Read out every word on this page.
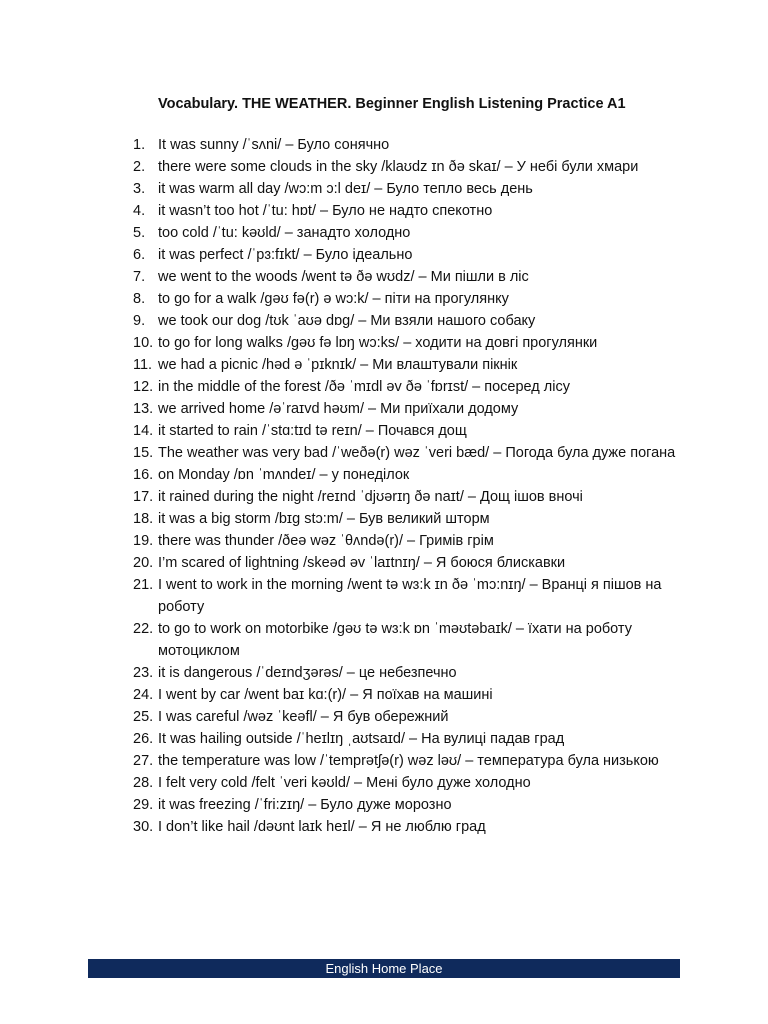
Vocabulary. THE WEATHER. Beginner English Listening Practice A1
1. It was sunny /ˈsʌni/ – Було сонячно
2. there were some clouds in the sky /klaʊdz ɪn ðə skaɪ/ – У небі були хмари
3. it was warm all day /wɔ:m ɔ:l deɪ/ – Було тепло весь день
4. it wasn’t too hot /ˈtu: hɒt/ – Було не надто спекотно
5. too cold /ˈtu: kəʊld/ – занадто холодно
6. it was perfect /ˈpɜ:fɪkt/ – Було ідеально
7. we went to the woods /went tə ðə wʊdz/ – Ми пішли в ліс
8. to go for a walk /gəʊ fə(r) ə wɔ:k/ – піти на прогулянку
9. we took our dog /tʊk ˈaʊə dɒg/ – Ми взяли нашого собаку
10. to go for long walks /gəʊ fə lɒŋ wɔ:ks/ – ходити на довгі прогулянки
11. we had a picnic /həd ə ˈpɪknɪk/ – Ми влаштували пікнік
12. in the middle of the forest /ðə ˈmɪdl əv ðə ˈfɒrɪst/ – посеред лісу
13. we arrived home /əˈraɪvd həʊm/ – Ми приїхали додому
14. it started to rain /ˈstɑ:tɪd tə reɪn/ – Почався дощ
15. The weather was very bad /ˈweðə(r) wəz ˈveri bæd/ – Погода була дуже погана
16. on Monday /ɒn ˈmʌndeɪ/ – у понеділок
17. it rained during the night /reɪnd ˈdjʊərɪŋ ðə naɪt/ – Дощ ішов вночі
18. it was a big storm /bɪg stɔ:m/ – Був великий шторм
19. there was thunder /ðeə wəz ˈθʌndə(r)/ – Гримів грім
20. I’m scared of lightning /skeəd əv ˈlaɪtnɪŋ/ – Я боюся блискавки
21. I went to work in the morning /went tə wɜ:k ɪn ðə ˈmɔ:nɪŋ/ – Вранці я пішов на роботу
22. to go to work on motorbike /gəʊ tə wɜ:k ɒn ˈməʊtəbaɪk/ – їхати на роботу мотоциклом
23. it is dangerous /ˈdeɪndʒərəs/ – це небезпечно
24. I went by car /went baɪ kɑ:(r)/ – Я поїхав на машині
25. I was careful /wəz ˈkeəfl/ – Я був обережний
26. It was hailing outside /ˈheɪlɪŋ ˌaʊtsaɪd/ – На вулиці падав град
27. the temperature was low /ˈtemprətʃə(r) wəz ləʊ/ – температура була низькою
28. I felt very cold /felt ˈveri kəʊld/ – Мені було дуже холодно
29. it was freezing /ˈfri:zɪŋ/ – Було дуже морозно
30. I don’t like hail /dəʊnt laɪk heɪl/ – Я не люблю град
English Home Place
